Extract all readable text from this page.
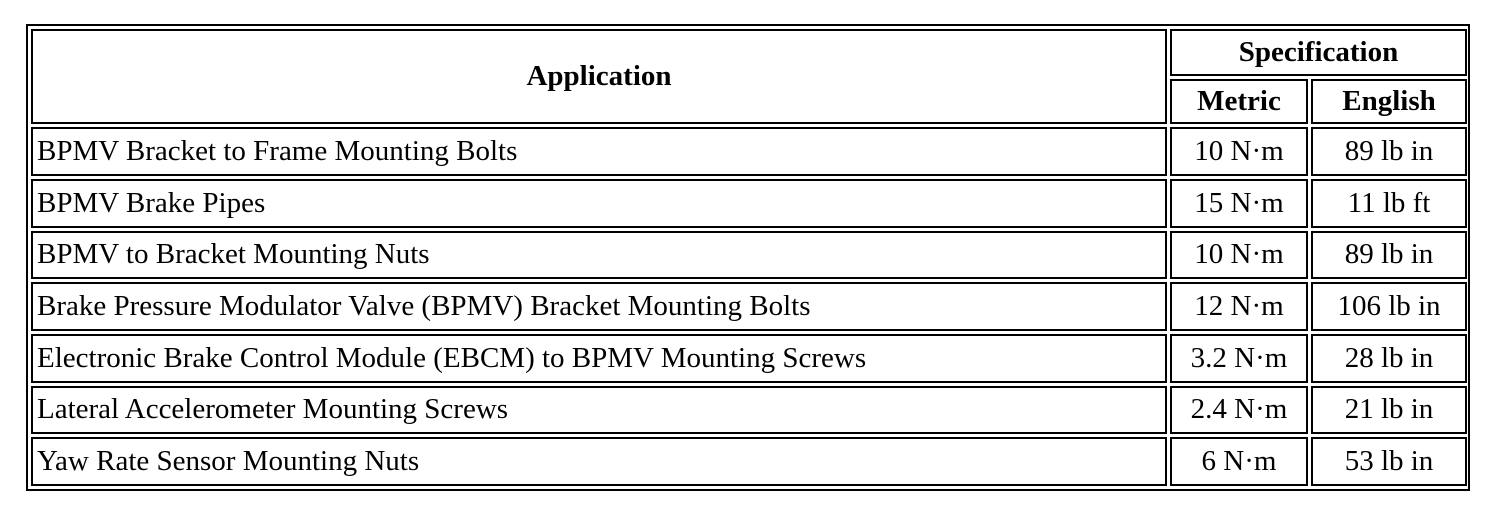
Application	Specification	
	Metric	English
BPMV Bracket to Frame Mounting Bolts	10 N·m	89 lb in
BPMV Brake Pipes	15 N·m	11 lb ft
BPMV to Bracket Mounting Nuts	10 N·m	89 lb in
Brake Pressure Modulator Valve (BPMV) Bracket Mounting Bolts	12 N·m	106 lb in
Electronic Brake Control Module (EBCM) to BPMV Mounting Screws	3.2 N·m	28 lb in
Lateral Accelerometer Mounting Screws	2.4 N·m	21 lb in
Yaw Rate Sensor Mounting Nuts	6 N·m	53 lb in
